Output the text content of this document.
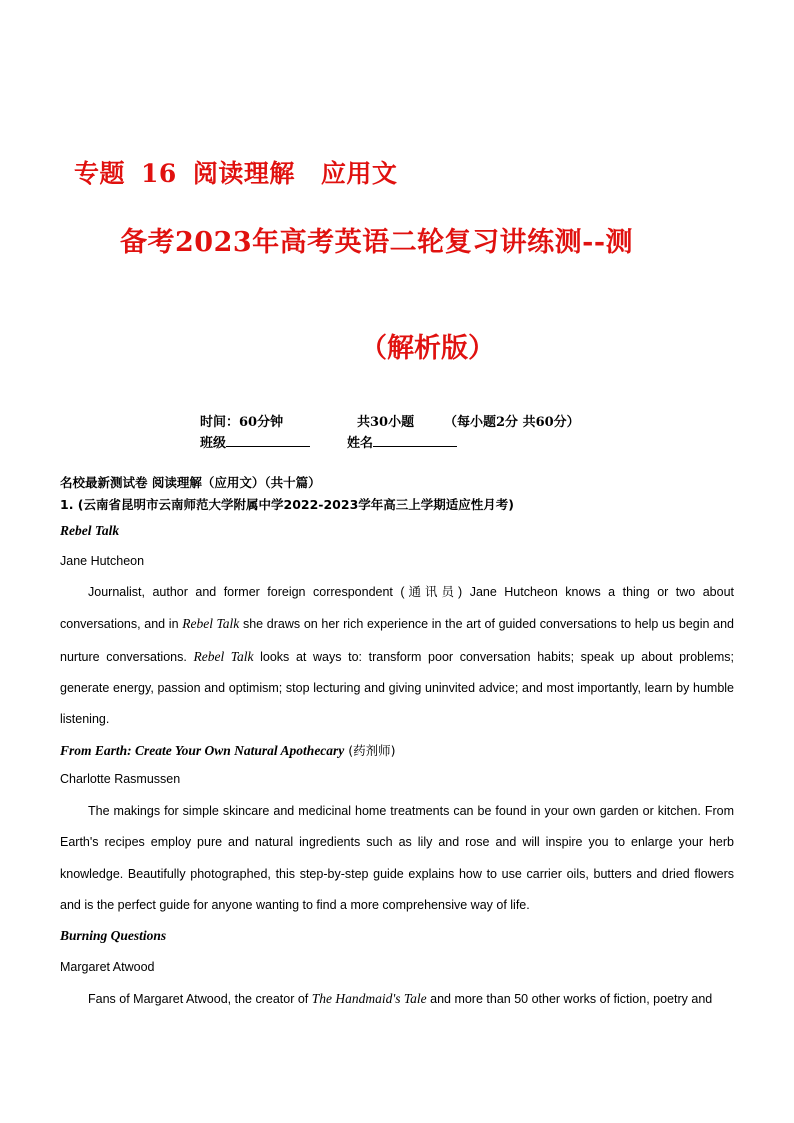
专题 16 阅读理解 应用文
备考2023年高考英语二轮复习讲练测--测
（解析版）
时间：60分钟	共30小题 （每小题2分 共60分）
班级	姓名
名校最新测试卷 阅读理解（应用文）（共十篇）
1. (云南省昆明市云南师范大学附属中学2022-2023学年高三上学期适应性月考)
Rebel Talk
Jane Hutcheon
Journalist, author and former foreign correspondent (通讯员) Jane Hutcheon knows a thing or two about conversations, and in Rebel Talk she draws on her rich experience in the art of guided conversations to help us begin and nurture conversations. Rebel Talk looks at ways to: transform poor conversation habits; speak up about problems; generate energy, passion and optimism; stop lecturing and giving uninvited advice; and most importantly, learn by humble listening.
From Earth: Create Your Own Natural Apothecary (药剂师)
Charlotte Rasmussen
The makings for simple skincare and medicinal home treatments can be found in your own garden or kitchen. From Earth's recipes employ pure and natural ingredients such as lily and rose and will inspire you to enlarge your herb knowledge. Beautifully photographed, this step-by-step guide explains how to use carrier oils, butters and dried flowers and is the perfect guide for anyone wanting to find a more comprehensive way of life.
Burning Questions
Margaret Atwood
Fans of Margaret Atwood, the creator of The Handmaid's Tale and more than 50 other works of fiction, poetry and
